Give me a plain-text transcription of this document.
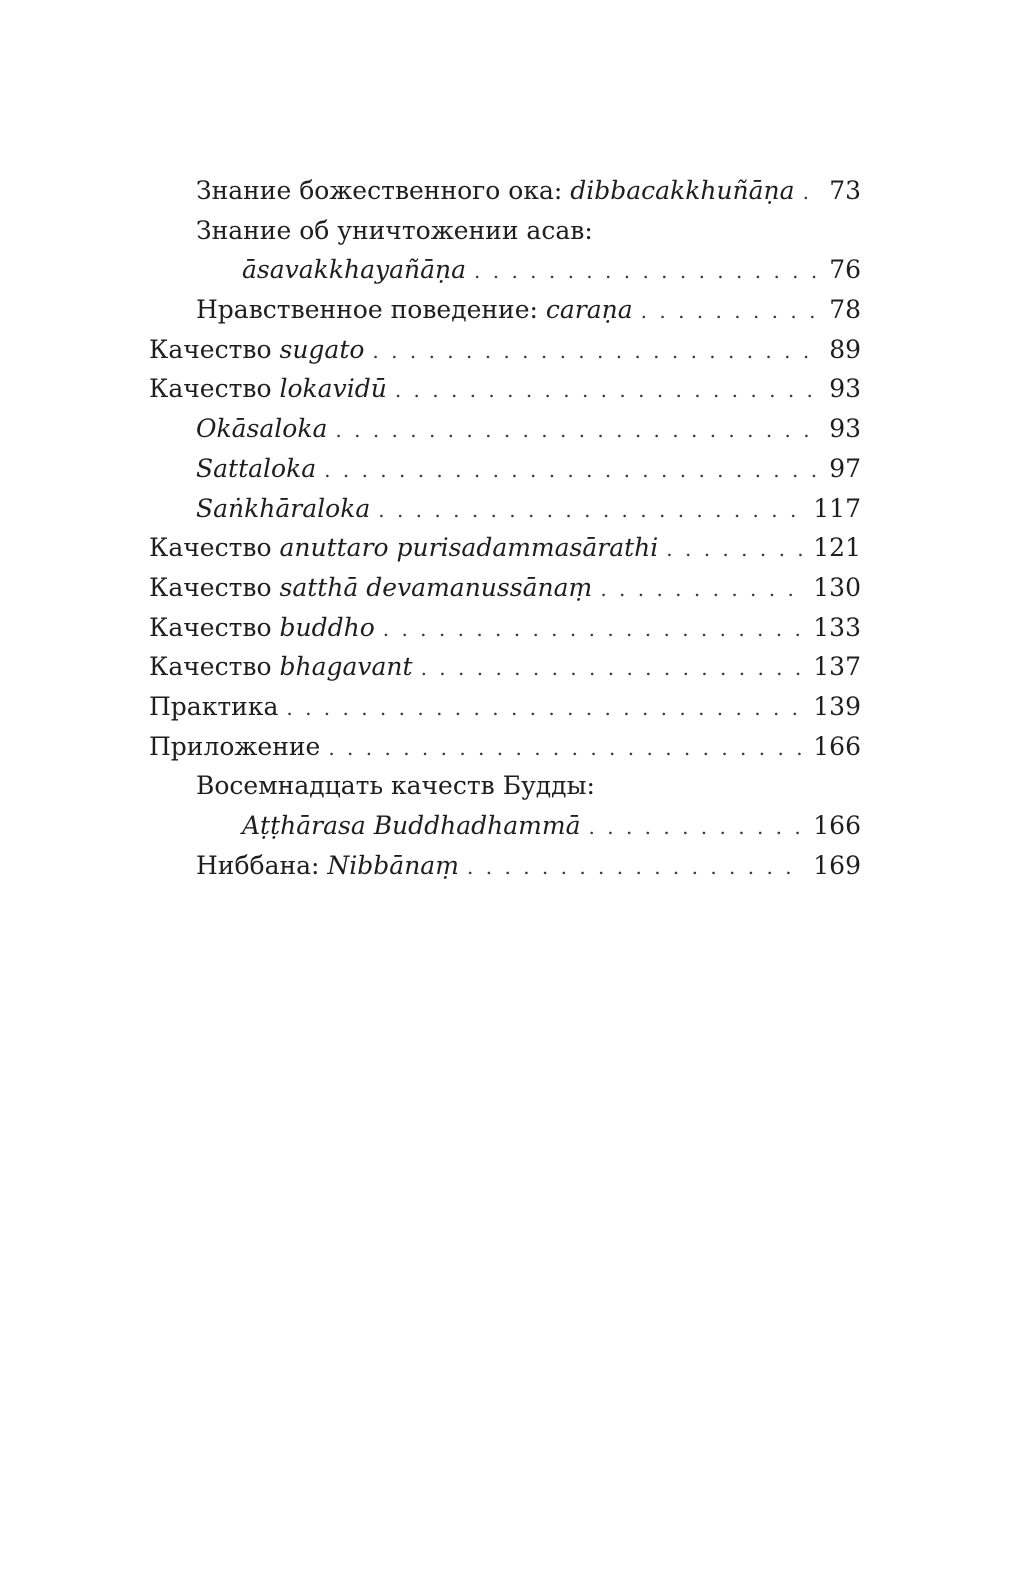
Знание божественного ока: dibbacakkhuñāṇa . . . 73
Знание об уничтожении асав:
āsavakkhayañāṇa . . .	76
Нравственное поведение: caraṇa . . .	78
Качество sugato . . .	89
Качество lokavidū . . .	93
Okāsaloka . . .	93
Sattaloka . . .	97
Saṅkhāraloka . . .	117
Качество anuttaro purisadammasārathi . . .	121
Качество satthā devamanussānaṃ . . .	130
Качество buddho . . .	133
Качество bhagavant . . .	137
Практика . . .	139
Приложение . . .	166
Восемнадцать качеств Будды:
Aṭṭhārasa Buddhadhammā . . .	166
Ниббана: Nibbānaṃ . . .	169
